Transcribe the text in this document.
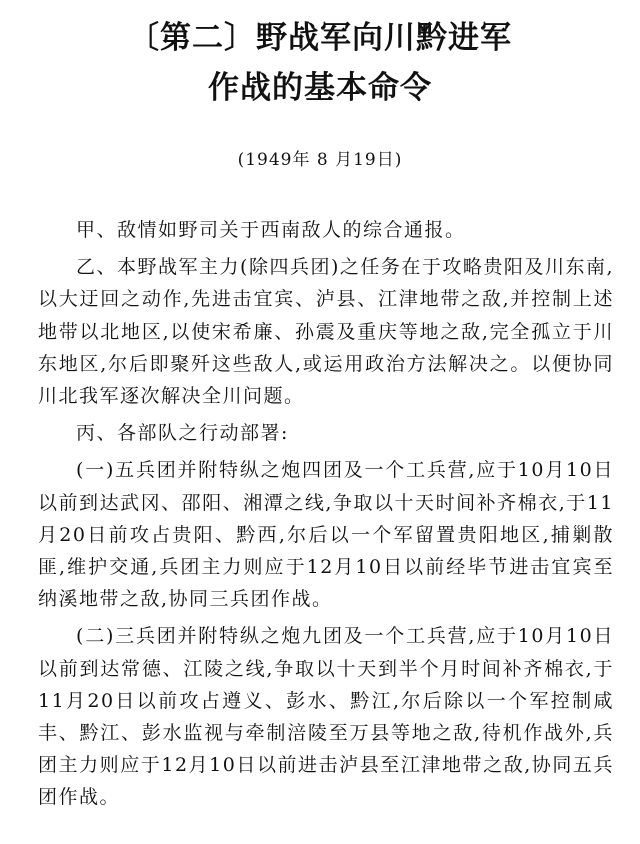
〔第二〕野战军向川黔进军
作战的基本命令
(1949年 8 月19日)

甲、敌情如野司关于西南敌人的综合通报。

乙、本野战军主力(除四兵团)之任务在于攻略贵阳及川东南,以大迂回之动作,先进击宜宾、泸县、江津地带之敌,并控制上述地带以北地区,以使宋希廉、孙震及重庆等地之敌,完全孤立于川东地区,尔后即聚歼这些敌人,或运用政治方法解决之。以便协同川北我军逐次解决全川问题。

丙、各部队之行动部署:

(一)五兵团并附特纵之炮四团及一个工兵营,应于10月10日以前到达武冈、邵阳、湘潭之线,争取以十天时间补齐棉衣,于11月20日前攻占贵阳、黔西,尔后以一个军留置贵阳地区,捕剿散匪,维护交通,兵团主力则应于12月10日以前经毕节进击宜宾至纳溪地带之敌,协同三兵团作战。

(二)三兵团并附特纵之炮九团及一个工兵营,应于10月10日以前到达常德、江陵之线,争取以十天到半个月时间补齐棉衣,于11月20日以前攻占遵义、彭水、黔江,尔后除以一个军控制咸丰、黔江、彭水监视与牵制涪陵至万县等地之敌,待机作战外,兵团主力则应于12月10日以前进击泸县至江津地带之敌,协同五兵团作战。
